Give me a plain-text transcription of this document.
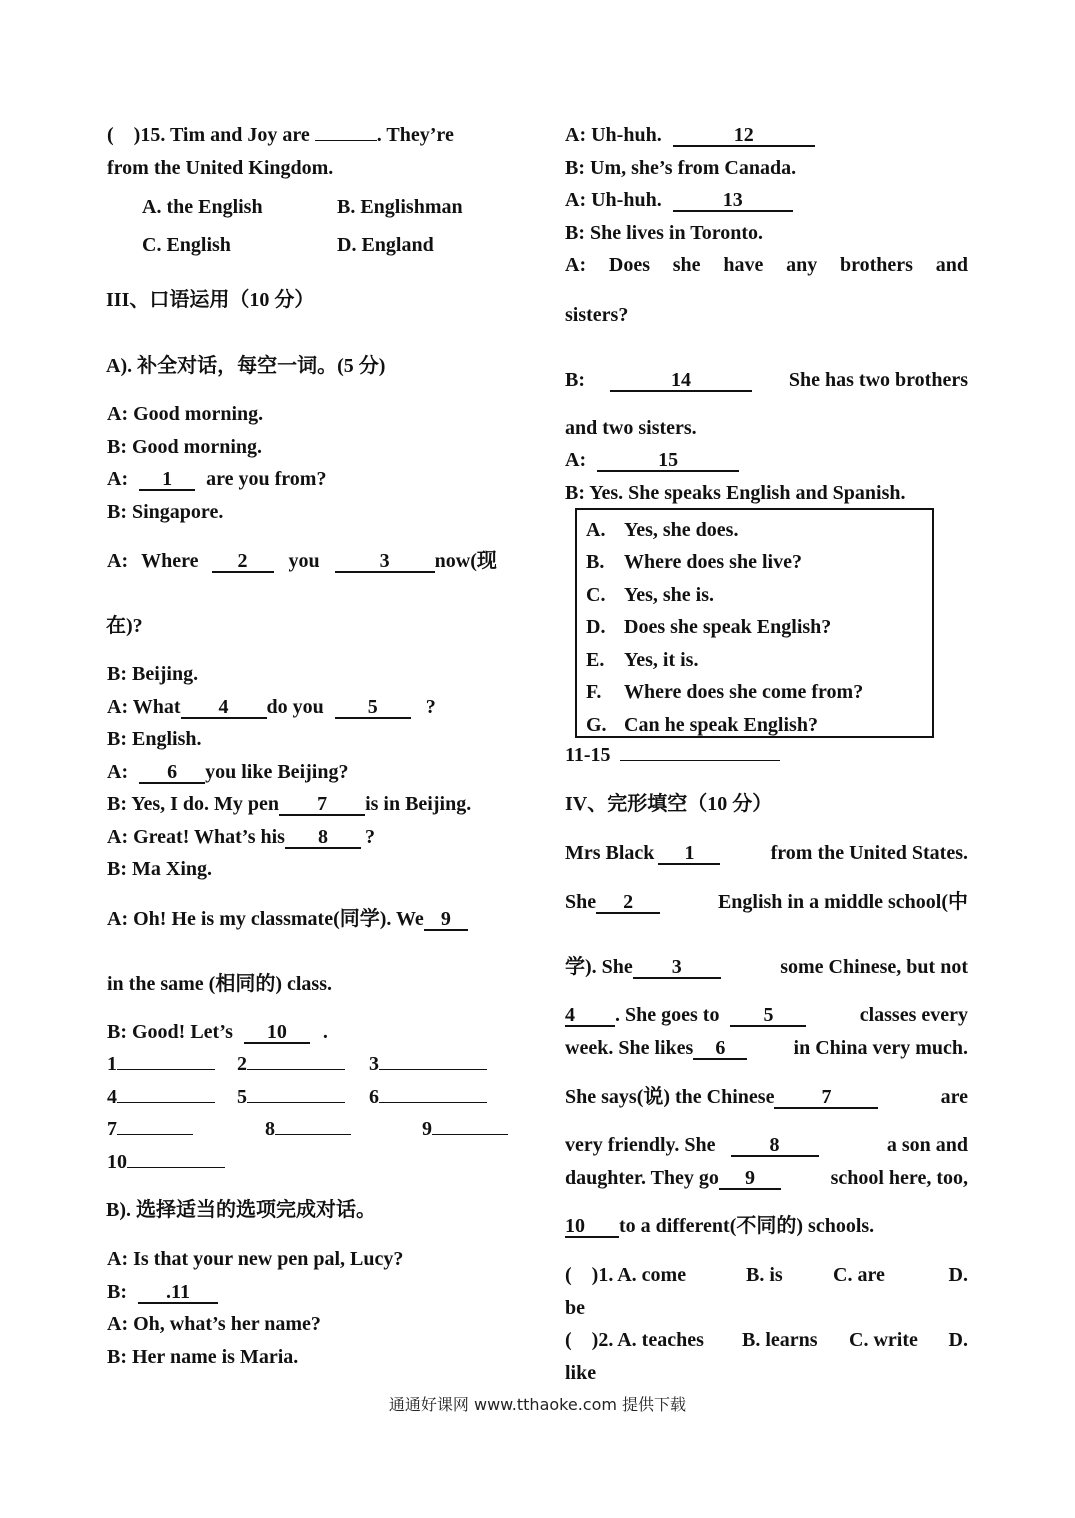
(　)15. Tim and Joy are	. They’re
from the United Kingdom.
A. the English	B. Englishman
C. English	D. England
III、口语运用（10 分）
A). 补全对话，每空一词。(5 分)
A: Good morning.
B: Good morning.
A: 1 are you from?
B: Singapore.
A: Where 2 you	3 now(现
在)?
B: Beijing.
A: What 4 do you 5 ?
B: English.
A: 6 you like Beijing?
B: Yes, I do. My pen 7 is in Beijing.
A: Great! What’s his 8 ?
B: Ma Xing.
A: Oh! He is my classmate(同学). We 9
in the same (相同的) class.
B: Good! Let’s 10 .
1	2	3
4	5	6
7	8	9
10
B). 选择适当的选项完成对话。
A: Is that your new pen pal, Lucy?
B: .11
A: Oh, what’s her name?
B: Her name is Maria.
A: Uh-huh.	12
B: Um, she’s from Canada.
A: Uh-huh.	13
B: She lives in Toronto.
A: Does she have any brothers and
sisters?
B:	14	She has two brothers
and two sisters.
A:	15
B: Yes. She speaks English and Spanish.
A. Yes, she does.
B. Where does she live?
C. Yes, she is.
D. Does she speak English?
E. Yes, it is.
F. Where does she come from?
G. Can he speak English?
11-15
IV、完形填空（10 分）
Mrs Black 1	from the United States.
She 2	English in a middle school(中
学). She 3	some Chinese, but not
4 . She goes to 5	classes every
week. She likes 6	in China very much.
She says(说) the Chinese 7	are
very friendly. She	8	a son and
daughter. They go 9	school here, too,
10 to a different(不同的) schools.
(　)1. A. come	B. is	C. are	D.
be
(　)2. A. teaches B. learns C. write D.
like
通通好课网 www.tthaoke.com 提供下载
